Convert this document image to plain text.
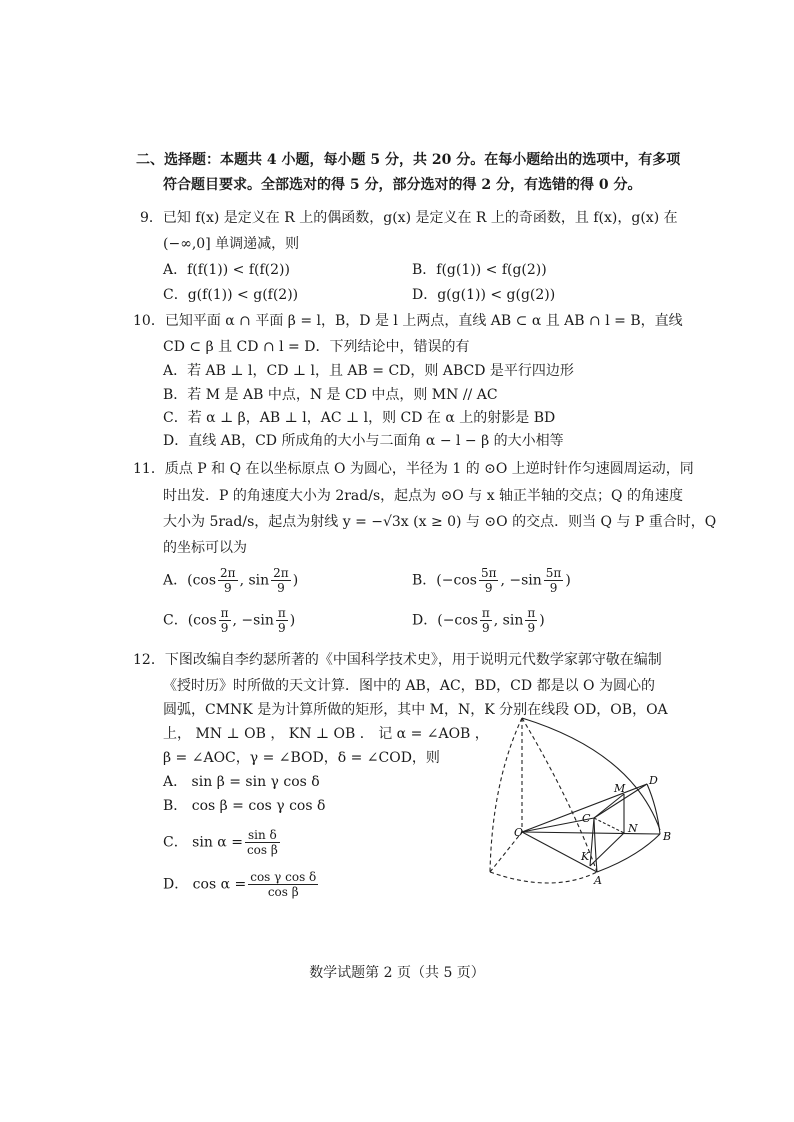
二、选择题：本题共 4 小题，每小题 5 分，共 20 分。在每小题给出的选项中，有多项
符合题目要求。全部选对的得 5 分，部分选对的得 2 分，有选错的得 0 分。
9．已知 f(x) 是定义在 R 上的偶函数，g(x) 是定义在 R 上的奇函数，且 f(x)，g(x) 在
(−∞,0] 单调递减，则
A．f(f(1)) < f(f(2))	B．f(g(1)) < f(g(2))
C．g(f(1)) < g(f(2))	D．g(g(1)) < g(g(2))
10．已知平面 α ∩ 平面 β = l，B，D 是 l 上两点，直线 AB ⊂ α 且 AB ∩ l = B，直线
CD ⊂ β 且 CD ∩ l = D．下列结论中，错误的有
A．若 AB ⊥ l，CD ⊥ l，且 AB = CD，则 ABCD 是平行四边形
B．若 M 是 AB 中点，N 是 CD 中点，则 MN // AC
C．若 α ⊥ β，AB ⊥ l，AC ⊥ l，则 CD 在 α 上的射影是 BD
D．直线 AB，CD 所成角的大小与二面角 α − l − β 的大小相等
11．质点 P 和 Q 在以坐标原点 O 为圆心，半径为 1 的 ⊙O 上逆时针作匀速圆周运动，同
时出发．P 的角速度大小为 2rad/s，起点为 ⊙O 与 x 轴正半轴的交点；Q 的角速度
大小为 5rad/s，起点为射线 y = −√3x (x ≥ 0) 与 ⊙O 的交点．则当 Q 与 P 重合时，Q
的坐标可以为
A．($\cos \frac{2\pi}{9}$ , $\sin \frac{2\pi}{9}$ )	B．($-\cos \frac{5\pi}{9}$ , $-\sin \frac{5\pi}{9}$ )
C．($\cos \frac{\pi}{9}$ , $-\sin \frac{\pi}{9}$ )	D．($-\cos \frac{\pi}{9}$ , $\sin \frac{\pi}{9}$ )
12．下图改编自李约瑟所著的《中国科学技术史》，用于说明元代数学家郭守敬在编制
《授时历》时所做的天文计算．图中的 AB，AC，BD，CD 都是以 O 为圆心的
圆弧，CMNK 是为计算所做的矩形，其中 M，N，K 分别在线段 OD，OB，OA
上， MN ⊥ OB ， KN ⊥ OB ． 记 α = ∠AOB ，
β = ∠AOC，γ = ∠BOD，δ = ∠COD，则
A． sin β = sin γ cos δ
B． cos β = cos γ cos δ
C． $\sin \alpha = \frac{\text{sin δ}}{\text{cos β}}$
D． $\cos \alpha = \frac{\text{cos γ cos δ}}{\text{cos β}}$
O
A
B
C
D
M
N
K
数学试题第 2 页（共 5 页）
